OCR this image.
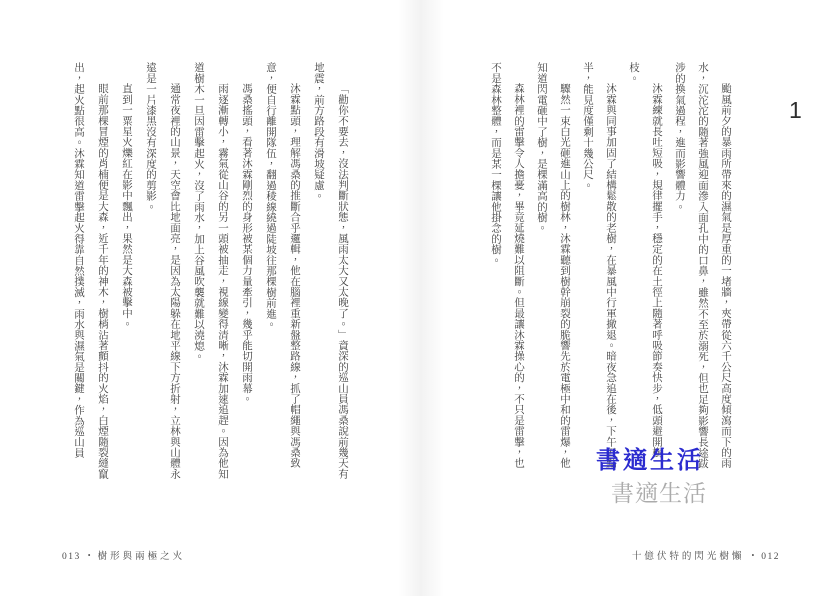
1

颱風前夕的暴雨所帶來的濕氣是厚重的一堵牆，夾帶從六千公尺高度傾瀉而下的雨水，沉沱沱的隨著強風迎面滲入面孔中的口鼻，雖然不至於溺死，但也足夠影響長途跋涉的換氣過程，進而影響體力。

沐霖練就長吐短吸，規律擺手，穩定的在土徑上隨著呼吸節奏快步，低頭避開樹枝。

沐霖與同事加固了結構鬆散的老樹，在暴風中行軍撤退。暗夜急追在後，下午五點半，能見度僅剩十幾公尺。

驟然一束白光砸進山上的樹林，沐霖聽到樹幹崩裂的脆響先於電極中和的雷爆，他知道閃電砸中了樹，是棵滿高的樹。

森林裡的雷擊令人擔憂，畢竟延燒難以阻斷。但最讓沐霖操心的，不只是雷擊，也不是森林整體，而是某一棵讓他掛念的樹。

「勸你不要去，沒法判斷狀態，風雨太大又太晚了。」資深的巡山員馮桑說前幾天有地震，前方路段有滑坡疑慮。

沐霖點頭，理解馮桑的推斷合乎邏輯，他在腦裡重新盤整路線，抓了帽繩與馮桑致意，便自行離開隊伍，翻過稜線繞過陡坡往那棵樹前進。

馮桑搖頭，看著沐霖剛烈的身形被某個力量牽引，幾乎能切開雨幕。

雨逐漸轉小，霧氣從山谷的另一頭被抽走，視線變得清晰，沐霖加速追趕。因為他知道樹木一旦因雷擊起火，沒了雨水，加上谷風吹襲就難以澆熄。

通常夜裡的山景，天空會比地面亮，是因為太陽躲在地平線下方折射，立林與山體永遠是一片漆黑沒有深度的剪影。

直到一粟星火爍紅在影中飄出，果然是大森被擊中。

眼前那棵冒煙的肖楠便是大森，近千年的神木，樹梢沾著顫抖的火焰，白煙隨裂縫竄出，起火點很高。沐霖知道雷擊起火得靠自然撲滅，雨水與濕氣是關鍵，作為巡山員

書適生活
書適生活
013 • 樹形與兩極之火	十億伏特的閃光樹懶 • 012
